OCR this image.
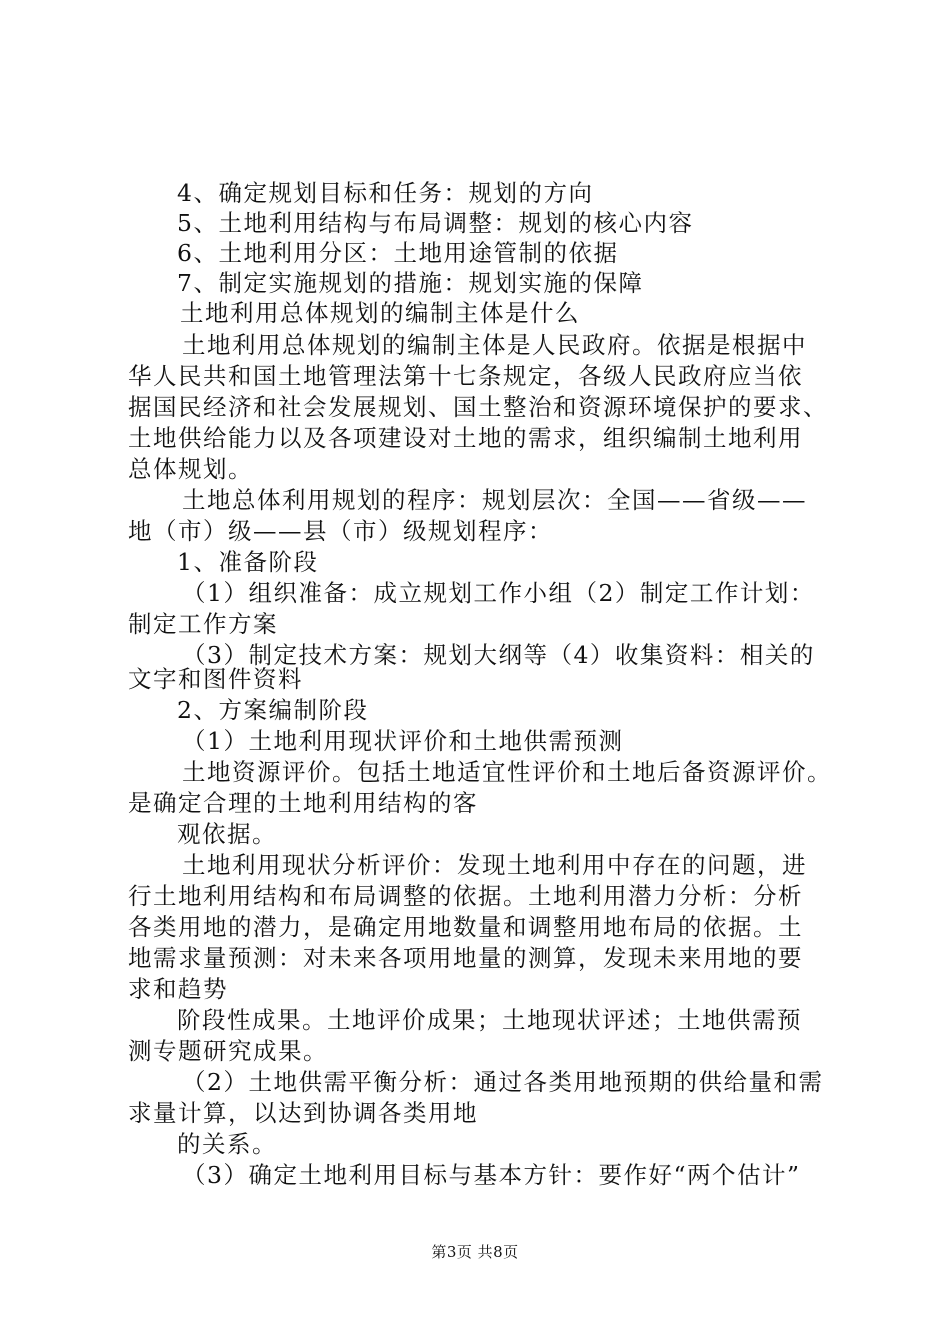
4、确定规划目标和任务：规划的方向
5、土地利用结构与布局调整：规划的核心内容
6、土地利用分区：土地用途管制的依据
7、制定实施规划的措施：规划实施的保障
土地利用总体规划的编制主体是什么
土地利用总体规划的编制主体是人民政府。依据是根据中
华人民共和国土地管理法第十七条规定，各级人民政府应当依
据国民经济和社会发展规划、国土整治和资源环境保护的要求、
土地供给能力以及各项建设对土地的需求，组织编制土地利用
总体规划。
土地总体利用规划的程序：规划层次：全国——省级——
地（市）级——县（市）级规划程序：
1、准备阶段
（1）组织准备：成立规划工作小组（2）制定工作计划：
制定工作方案
（3）制定技术方案：规划大纲等（4）收集资料：相关的
文字和图件资料
2、方案编制阶段
（1）土地利用现状评价和土地供需预测
土地资源评价。包括土地适宜性评价和土地后备资源评价。
是确定合理的土地利用结构的客
观依据。
土地利用现状分析评价：发现土地利用中存在的问题，进
行土地利用结构和布局调整的依据。土地利用潜力分析：分析
各类用地的潜力，是确定用地数量和调整用地布局的依据。土
地需求量预测：对未来各项用地量的测算，发现未来用地的要
求和趋势
阶段性成果。土地评价成果；土地现状评述；土地供需预
测专题研究成果。
（2）土地供需平衡分析：通过各类用地预期的供给量和需
求量计算，以达到协调各类用地
的关系。
（3）确定土地利用目标与基本方针：要作好“两个估计”
第3页 共8页
